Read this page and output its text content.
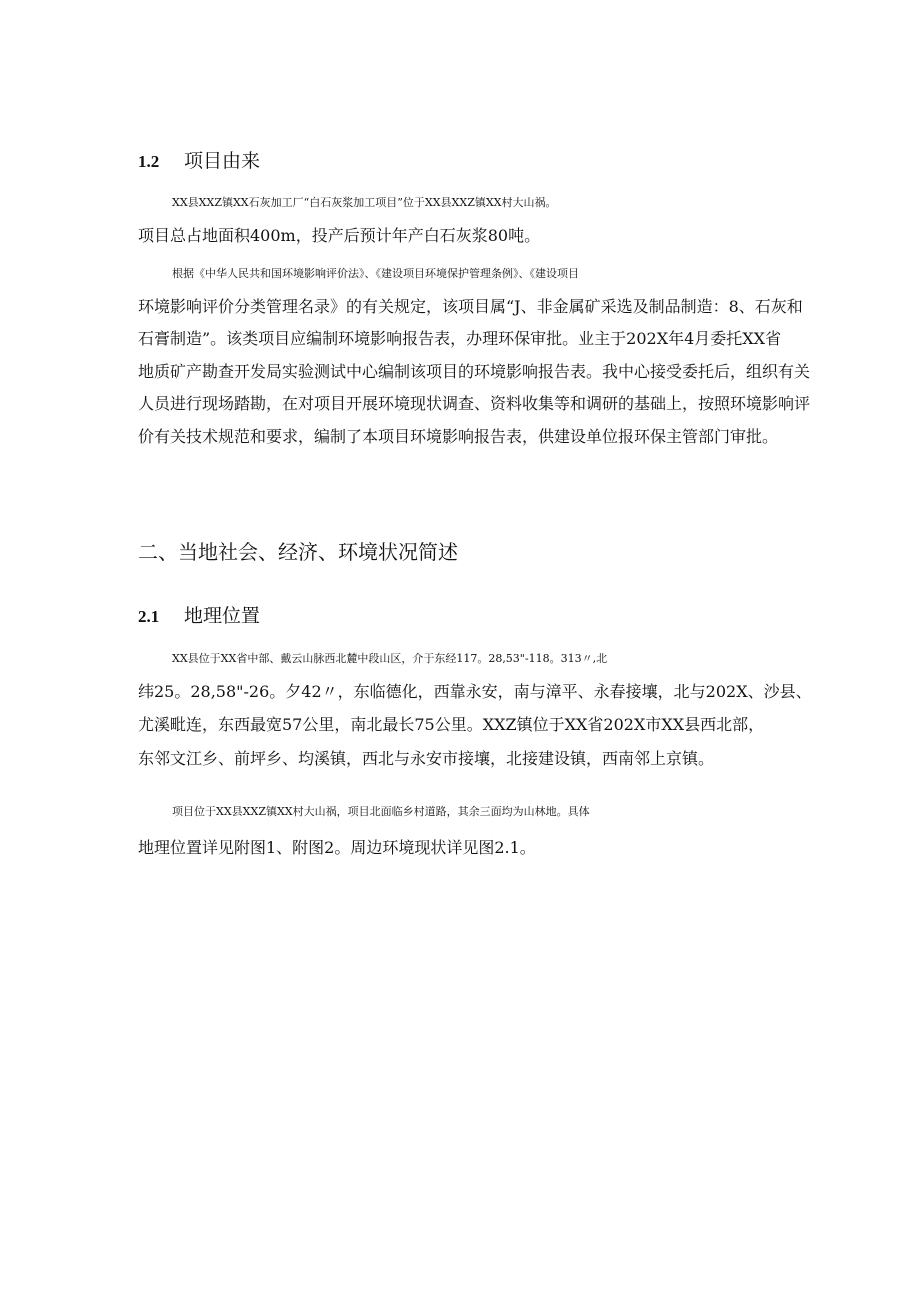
1.2 项目由来
XX县XXZ镇XX石灰加工厂“白石灰浆加工项目”位于XX县XXZ镇XX村大山祸。
项目总占地面积400m，投产后预计年产白石灰浆80吨。
根据《中华人民共和国环境影响评价法》、《建设项目环境保护管理条例》、《建设项目
环境影响评价分类管理名录》的有关规定，该项目属“J、非金属矿采选及制品制造：8、石灰和
石膏制造”。该类项目应编制环境影响报告表，办理环保审批。业主于202X年4月委托XX省
地质矿产勘查开发局实验测试中心编制该项目的环境影响报告表。我中心接受委托后，组织有关
人员进行现场踏勘，在对项目开展环境现状调查、资料收集等和调研的基础上，按照环境影响评
价有关技术规范和要求，编制了本项目环境影响报告表，供建设单位报环保主管部门审批。
二、当地社会、经济、环境状况简述
2.1 地理位置
XX县位于XX省中部、戴云山脉西北麓中段山区，介于东经117。28,53"-118。313〃,北
纬25。28,58"-26。夕42〃，东临德化，西靠永安，南与漳平、永春接壤，北与202X、沙县、
尤溪毗连，东西最宽57公里，南北最长75公里。XXZ镇位于XX省202X市XX县西北部，
东邻文江乡、前坪乡、均溪镇，西北与永安市接壤，北接建设镇，西南邻上京镇。
项目位于XX县XXZ镇XX村大山祸，项目北面临乡村道路，其余三面均为山林地。具体
地理位置详见附图1、附图2。周边环境现状详见图2.1。
